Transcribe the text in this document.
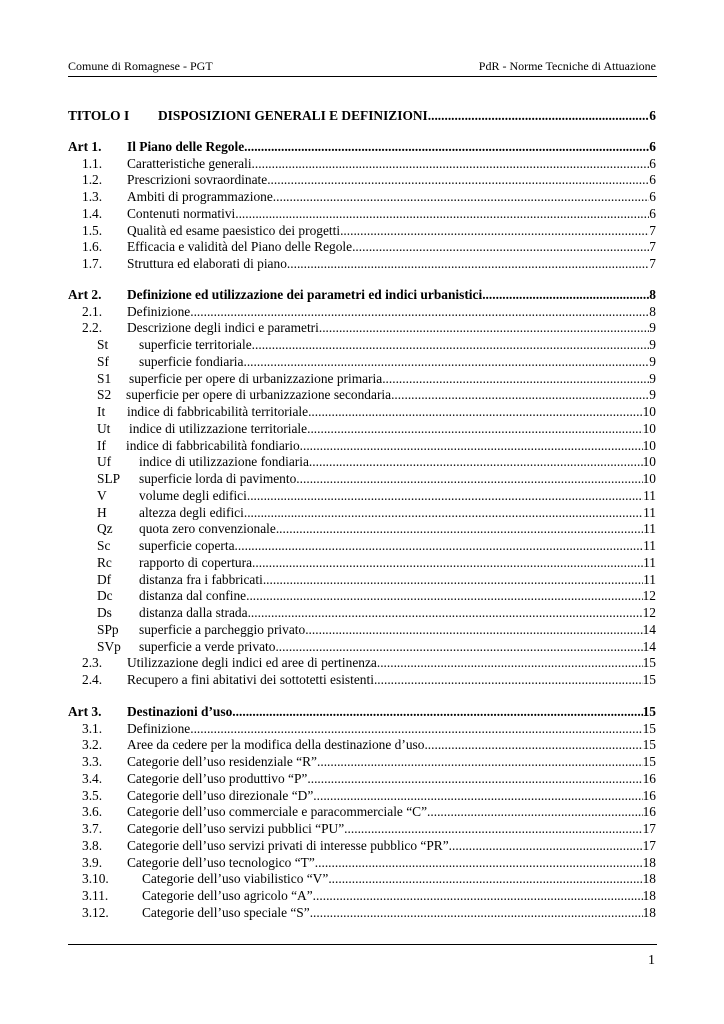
Comune di Romagnese - PGT	PdR - Norme Tecniche di Attuazione
TITOLO I	DISPOSIZIONI GENERALI E DEFINIZIONI .....	6
Art 1.	Il Piano delle Regole .....	6
1.1.	Caratteristiche generali .....	6
1.2.	Prescrizioni sovraordinate .....	6
1.3.	Ambiti di programmazione .....	6
1.4.	Contenuti normativi .....	6
1.5.	Qualità ed esame paesistico dei progetti .....	7
1.6.	Efficacia e validità del Piano delle Regole .....	7
1.7.	Struttura ed elaborati di piano .....	7
Art 2.	Definizione ed utilizzazione dei parametri ed indici urbanistici .....	8
2.1.	Definizione .....	8
2.2.	Descrizione degli indici e parametri .....	9
St	superficie territoriale .....	9
Sf	superficie fondiaria .....	9
S1	superficie per opere di urbanizzazione primaria .....	9
S2	superficie per opere di urbanizzazione secondaria .....	9
It	indice di fabbricabilità territoriale .....	10
Ut	indice di utilizzazione territoriale .....	10
If	indice di fabbricabilità fondiario .....	10
Uf	indice di utilizzazione fondiaria .....	10
SLP	superficie lorda di pavimento .....	10
V	volume degli edifici .....	11
H	altezza degli edifici .....	11
Qz	quota zero convenzionale .....	11
Sc	superficie coperta .....	11
Rc	rapporto di copertura .....	11
Df	distanza fra i fabbricati .....	11
Dc	distanza dal confine .....	12
Ds	distanza dalla strada .....	12
SPp	superficie a parcheggio privato .....	14
SVp	superficie a verde privato .....	14
2.3.	Utilizzazione degli indici ed aree di pertinenza .....	15
2.4.	Recupero a fini abitativi dei sottotetti esistenti .....	15
Art 3.	Destinazioni d’uso .....	15
3.1.	Definizione .....	15
3.2.	Aree da cedere per la modifica della destinazione d’uso .....	15
3.3.	Categorie dell’uso residenziale “R” .....	15
3.4.	Categorie dell’uso produttivo “P” .....	16
3.5.	Categorie dell’uso direzionale “D” .....	16
3.6.	Categorie dell’uso commerciale e paracommerciale “C” .....	16
3.7.	Categorie dell’uso servizi pubblici “PU” .....	17
3.8.	Categorie dell’uso servizi privati di interesse pubblico “PR” .....	17
3.9.	Categorie dell’uso tecnologico “T” .....	18
3.10.	Categorie dell’uso viabilistico “V” .....	18
3.11.	Categorie dell’uso agricolo “A” .....	18
3.12.	Categorie dell’uso speciale “S” .....	18
1
